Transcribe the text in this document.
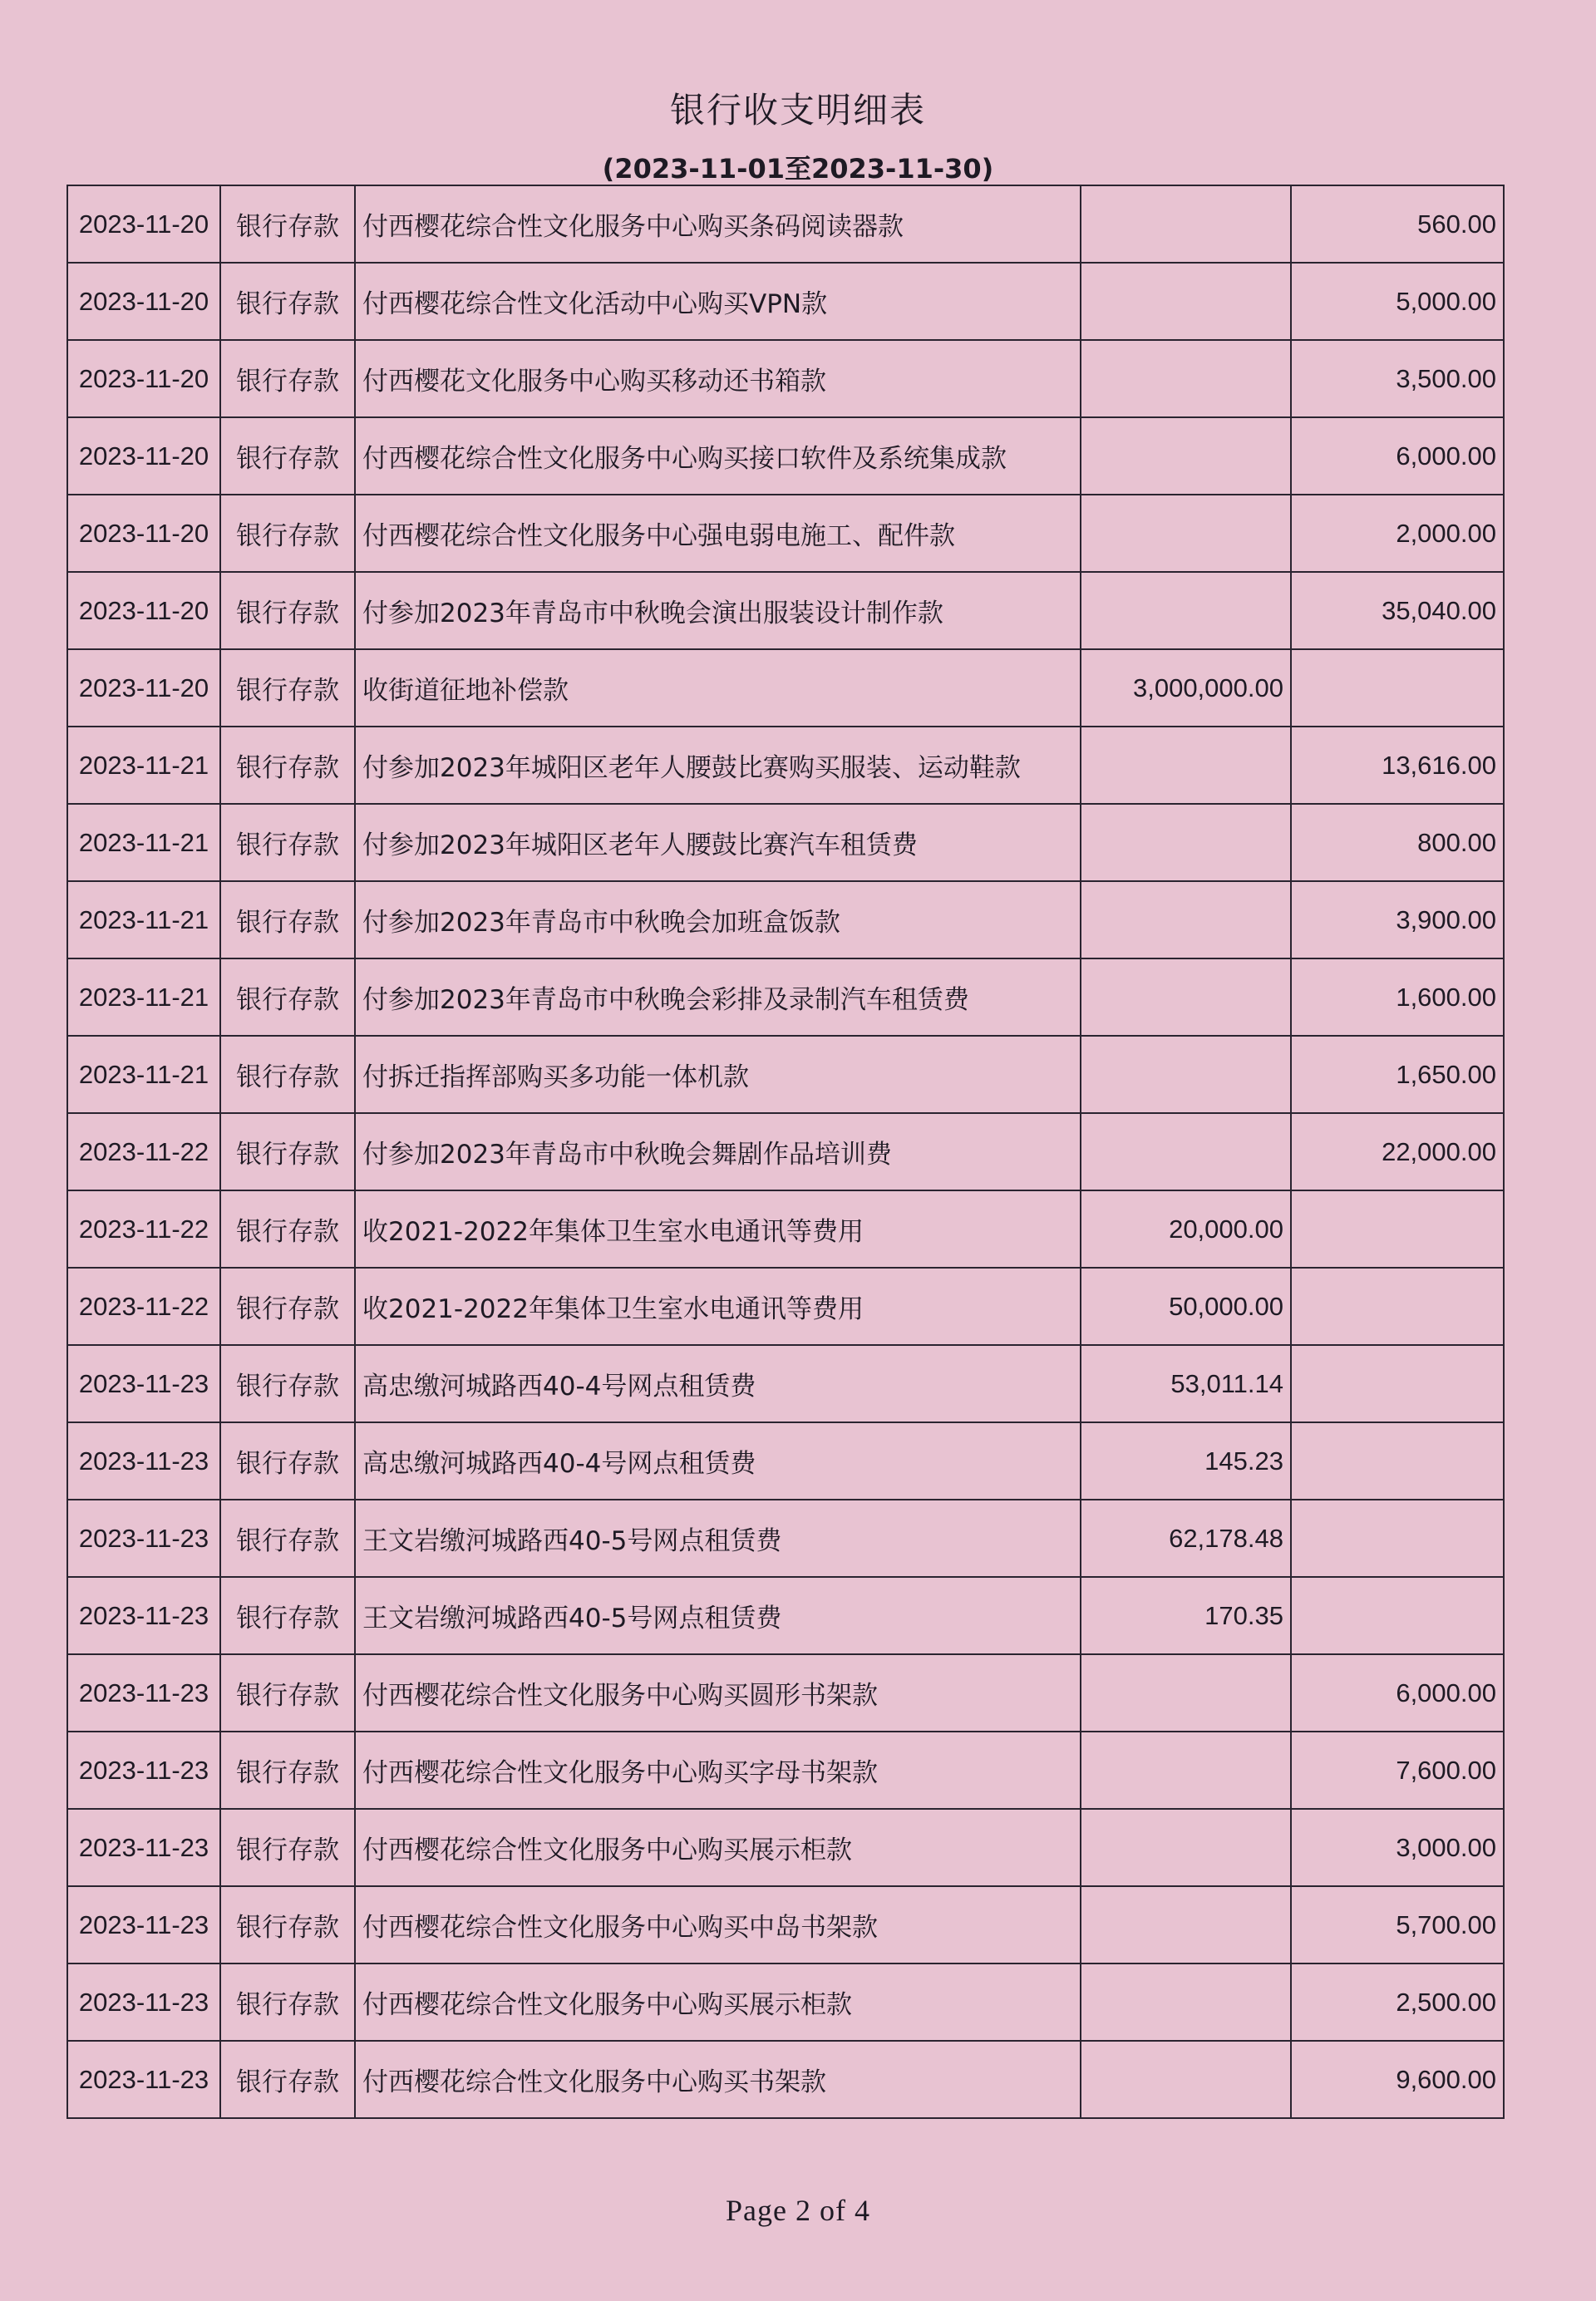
银行收支明细表
(2023-11-01至2023-11-30)
2023-11-20	银行存款	付西樱花综合性文化服务中心购买条码阅读器款		560.00
2023-11-20	银行存款	付西樱花综合性文化活动中心购买VPN款		5,000.00
2023-11-20	银行存款	付西樱花文化服务中心购买移动还书箱款		3,500.00
2023-11-20	银行存款	付西樱花综合性文化服务中心购买接口软件及系统集成款		6,000.00
2023-11-20	银行存款	付西樱花综合性文化服务中心强电弱电施工、配件款		2,000.00
2023-11-20	银行存款	付参加2023年青岛市中秋晚会演出服装设计制作款		35,040.00
2023-11-20	银行存款	收街道征地补偿款	3,000,000.00	
2023-11-21	银行存款	付参加2023年城阳区老年人腰鼓比赛购买服装、运动鞋款		13,616.00
2023-11-21	银行存款	付参加2023年城阳区老年人腰鼓比赛汽车租赁费		800.00
2023-11-21	银行存款	付参加2023年青岛市中秋晚会加班盒饭款		3,900.00
2023-11-21	银行存款	付参加2023年青岛市中秋晚会彩排及录制汽车租赁费		1,600.00
2023-11-21	银行存款	付拆迁指挥部购买多功能一体机款		1,650.00
2023-11-22	银行存款	付参加2023年青岛市中秋晚会舞剧作品培训费		22,000.00
2023-11-22	银行存款	收2021-2022年集体卫生室水电通讯等费用	20,000.00	
2023-11-22	银行存款	收2021-2022年集体卫生室水电通讯等费用	50,000.00	
2023-11-23	银行存款	高忠缴河城路西40-4号网点租赁费	53,011.14	
2023-11-23	银行存款	高忠缴河城路西40-4号网点租赁费	145.23	
2023-11-23	银行存款	王文岩缴河城路西40-5号网点租赁费	62,178.48	
2023-11-23	银行存款	王文岩缴河城路西40-5号网点租赁费	170.35	
2023-11-23	银行存款	付西樱花综合性文化服务中心购买圆形书架款		6,000.00
2023-11-23	银行存款	付西樱花综合性文化服务中心购买字母书架款		7,600.00
2023-11-23	银行存款	付西樱花综合性文化服务中心购买展示柜款		3,000.00
2023-11-23	银行存款	付西樱花综合性文化服务中心购买中岛书架款		5,700.00
2023-11-23	银行存款	付西樱花综合性文化服务中心购买展示柜款		2,500.00
2023-11-23	银行存款	付西樱花综合性文化服务中心购买书架款		9,600.00
Page 2 of 4
